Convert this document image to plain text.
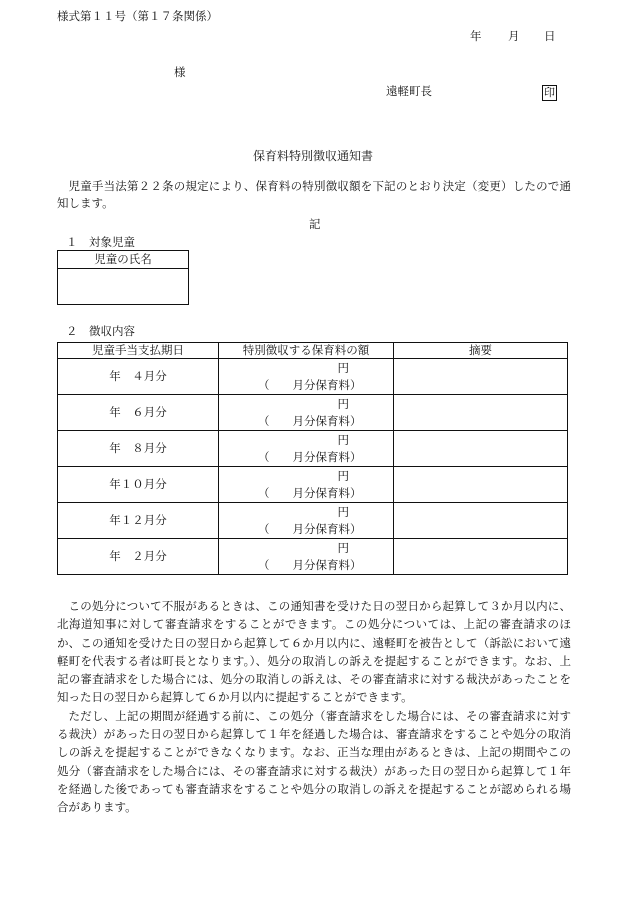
様式第１１号（第１７条関係）
年 月 日
様
遠軽町長	印
保育料特別徴収通知書

児童手当法第２２条の規定により、保育料の特別徴収額を下記のとおり決定（変更）したので通知します。

記
１　対象児童
児童の氏名

２　徴収内容
児童手当支払期日	特別徴収する保育料の額	摘要
年　４月分	円
（　　月分保育料）	

年　６月分	円
（　　月分保育料）	

年　８月分	円
（　　月分保育料）	

年１０月分	円
（　　月分保育料）	

年１２月分	円
（　　月分保育料）	

年　２月分	円
（　　月分保育料）	

この処分について不服があるときは、この通知書を受けた日の翌日から起算して３か月以内に、北海道知事に対して審査請求をすることができます。この処分については、上記の審査請求のほか、この通知を受けた日の翌日から起算して６か月以内に、遠軽町を被告として（訴訟において遠軽町を代表する者は町長となります。）、処分の取消しの訴えを提起することができます。なお、上記の審査請求をした場合には、処分の取消しの訴えは、その審査請求に対する裁決があったことを知った日の翌日から起算して６か月以内に提起することができます。

ただし、上記の期間が経過する前に、この処分（審査請求をした場合には、その審査請求に対する裁決）があった日の翌日から起算して１年を経過した場合は、審査請求をすることや処分の取消しの訴えを提起することができなくなります。なお、正当な理由があるときは、上記の期間やこの処分（審査請求をした場合には、その審査請求に対する裁決）があった日の翌日から起算して１年を経過した後であっても審査請求をすることや処分の取消しの訴えを提起することが認められる場合があります。
